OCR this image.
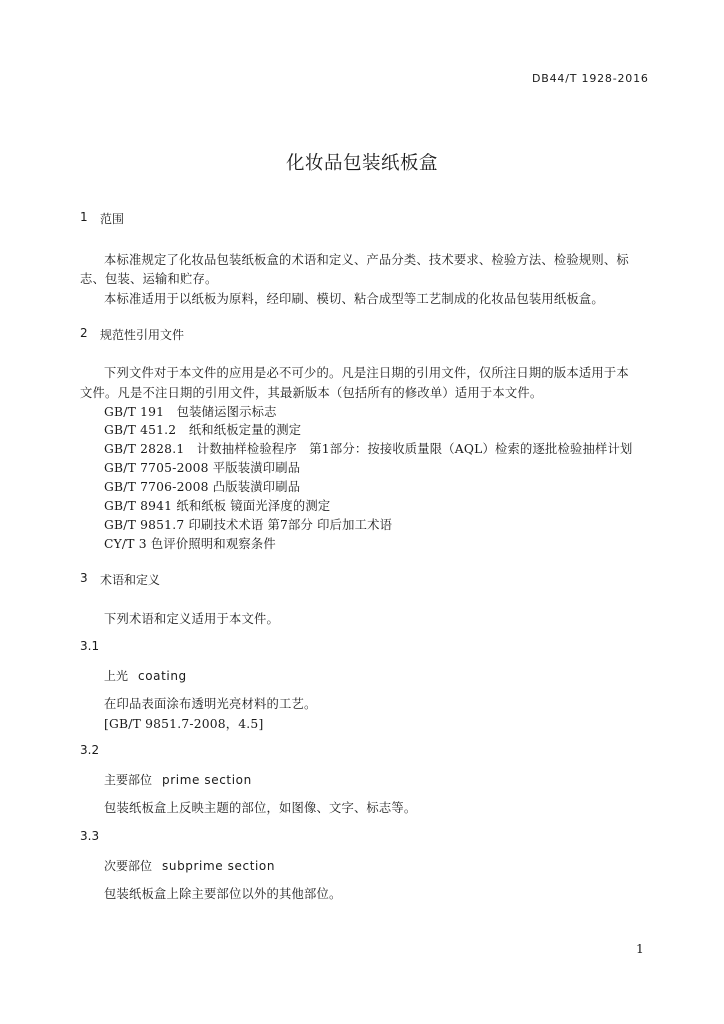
DB44/T 1928-2016
化妆品包装纸板盒
1 范围
本标准规定了化妆品包装纸板盒的术语和定义、产品分类、技术要求、检验方法、检验规则、标
志、包装、运输和贮存。
本标准适用于以纸板为原料，经印刷、模切、粘合成型等工艺制成的化妆品包装用纸板盒。
2 规范性引用文件
下列文件对于本文件的应用是必不可少的。凡是注日期的引用文件，仅所注日期的版本适用于本
文件。凡是不注日期的引用文件，其最新版本（包括所有的修改单）适用于本文件。
GB/T 191　包装储运图示标志
GB/T 451.2　纸和纸板定量的测定
GB/T 2828.1　计数抽样检验程序　第1部分：按接收质量限（AQL）检索的逐批检验抽样计划
GB/T 7705-2008 平版装潢印刷品
GB/T 7706-2008 凸版装潢印刷品
GB/T 8941 纸和纸板 镜面光泽度的测定
GB/T 9851.7 印刷技术术语 第7部分 印后加工术语
CY/T 3 色评价照明和观察条件
3 术语和定义
下列术语和定义适用于本文件。
3.1
上光 coating
在印品表面涂布透明光亮材料的工艺。
[GB/T 9851.7-2008，4.5]
3.2
主要部位 prime section
包装纸板盒上反映主题的部位，如图像、文字、标志等。
3.3
次要部位 subprime section
包装纸板盒上除主要部位以外的其他部位。
1
